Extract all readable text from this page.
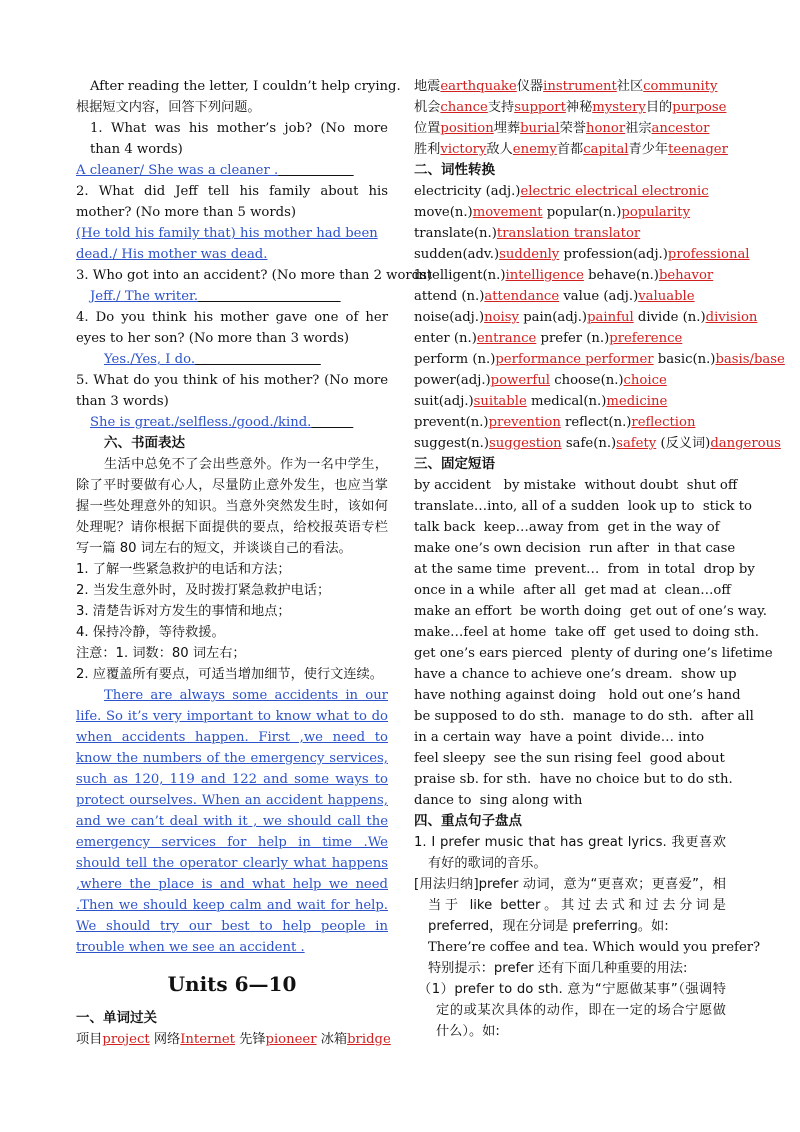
After reading the letter, I couldn’t help crying.
根据短文内容，回答下列问题。
1. What was his mother’s job? (No more than 4 words)
A cleaner/ She was a cleaner .
2. What did Jeff tell his family about his mother? (No more than 5 words)
(He told his family that) his mother had been dead./ His mother was dead.
3. Who got into an accident? (No more than 2 words)
Jeff./ The writer.
4. Do you think his mother gave one of her eyes to her son? (No more than 3 words)
Yes./Yes, I do.
5. What do you think of his mother? (No more than 3 words)
She is great./selfless./good./kind.
六、书面表达
生活中总免不了会出些意外。作为一名中学生，除了平时要做有心人，尽量防止意外发生，也应当掌握一些处理意外的知识。当意外突然发生时，该如何处理呢？请你根据下面提供的要点，给校报英语专栏写一篇 80 词左右的短文，并谈谈自己的看法。
1. 了解一些紧急救护的电话和方法；
2. 当发生意外时，及时拨打紧急救护电话；
3. 清楚告诉对方发生的事情和地点；
4. 保持冷静，等待救援。
注意：1. 词数：80 词左右；
2. 应覆盖所有要点，可适当增加细节，使行文连续。
There are always some accidents in our life. So it’s very important to know what to do when accidents happen. First ,we need to know the numbers of the emergency services, such as 120, 119 and 122 and some ways to protect ourselves. When an accident happens, and we can’t deal with it , we should call the emergency services for help in time .We should tell the operator clearly what happens ,where the place is and what help we need .Then we should keep calm and wait for help. We should try our best to help people in trouble when we see an accident .
Units 6—10
一、单词过关
项目project 网络Internet 先锋pioneer 冰箱bridge
地震earthquake仪器instrument社区community
机会chance支持support神秘mystery目的purpose
位置position埋葬burial荣誉honor祖宗ancestor
胜利victory敌人enemy首都capital青少年teenager
二、词性转换
electricity (adj.)electric electrical electronic
move(n.)movement popular(n.)popularity
translate(n.)translation translator
sudden(adv.)suddenly profession(adj.)professional
intelligent(n.)intelligence behave(n.)behavor
attend (n.)attendance value (adj.)valuable
noise(adj.)noisy pain(adj.)painful divide (n.)division
enter (n.)entrance prefer (n.)preference
perform (n.)performance performer basic(n.)basis/base
power(adj.)powerful choose(n.)choice
suit(adj.)suitable medical(n.)medicine
prevent(n.)prevention reflect(n.)reflection
suggest(n.)suggestion safe(n.)safety (反义词)dangerous
三、固定短语
by accident   by mistake  without doubt  shut off
translate…into, all of a sudden  look up to  stick to
talk back  keep…away from  get in the way of
make one’s own decision  run after  in that case
at the same time  prevent…  from  in total  drop by
once in a while  after all  get mad at  clean…off
make an effort  be worth doing  get out of one’s way.
make…feel at home  take off  get used to doing sth.
get one’s ears pierced  plenty of during one’s lifetime
have a chance to achieve one’s dream.  show up
have nothing against doing   hold out one’s hand
be supposed to do sth.  manage to do sth.  after all
in a certain way  have a point  divide… into
feel sleepy  see the sun rising feel  good about
praise sb. for sth.  have no choice but to do sth.
dance to  sing along with
四、重点句子盘点
1. I prefer music that has great lyrics. 我更喜欢有好的歌词的音乐。
[用法归纳]prefer 动词，意为“更喜欢；更喜爱”，相当于 like better。其过去式和过去分词是 preferred，现在分词是 preferring。如:
There’re coffee and tea. Which would you prefer?
特别提示：prefer 还有下面几种重要的用法:
（1）prefer to do sth. 意为“宁愿做某事”（强调特定的或某次具体的动作，即在一定的场合宁愿做什么）。如:
